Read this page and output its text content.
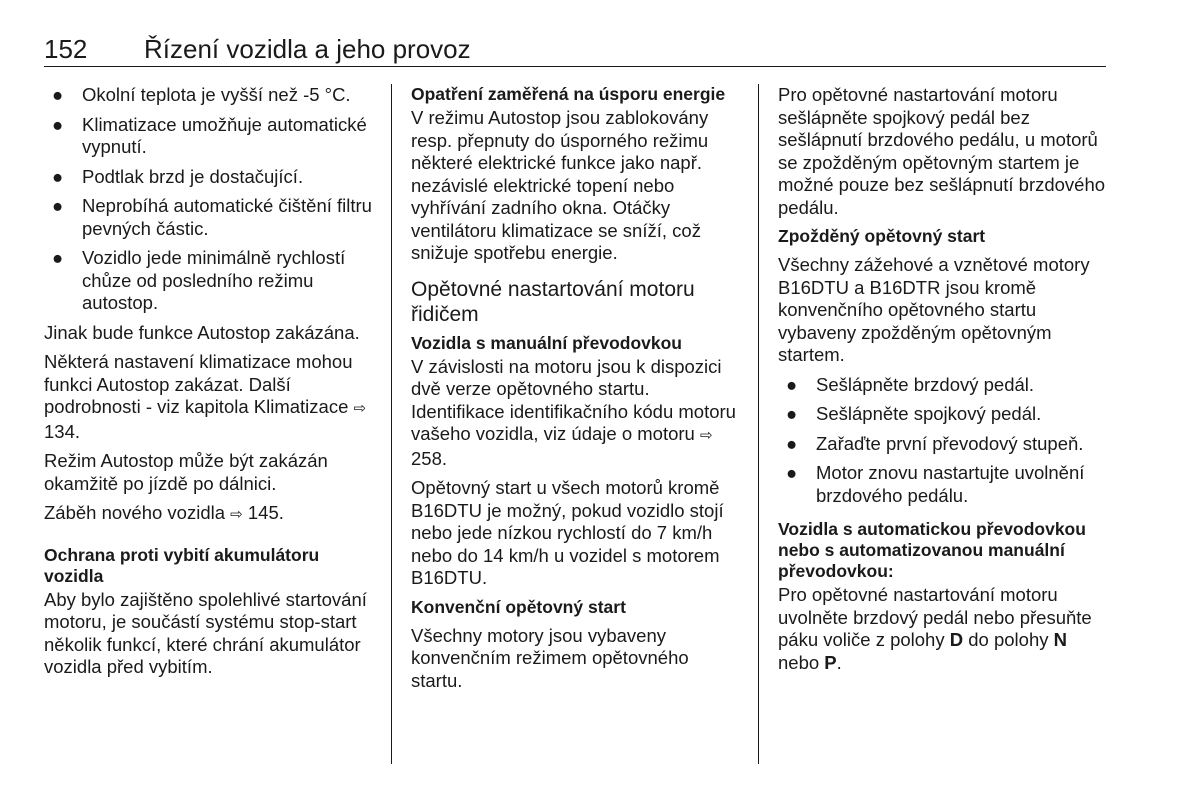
152 Řízení vozidla a jeho provoz
● Okolní teplota je vyšší než -5 °C.
● Klimatizace umožňuje automatické vypnutí.
● Podtlak brzd je dostačující.
● Neprobíhá automatické čištění filtru pevných částic.
● Vozidlo jede minimálně rychlostí chůze od posledního režimu autostop.

Jinak bude funkce Autostop zakázána.

Některá nastavení klimatizace mohou funkci Autostop zakázat. Další podrobnosti - viz kapitola Klimatizace ⇨ 134.

Režim Autostop může být zakázán okamžitě po jízdě po dálnici.

Záběh nového vozidla ⇨ 145.

Ochrana proti vybití akumulátoru vozidla

Aby bylo zajištěno spolehlivé startování motoru, je součástí systému stop-start několik funkcí, které chrání akumulátor vozidla před vybitím.

Opatření zaměřená na úsporu energie

V režimu Autostop jsou zablokovány resp. přepnuty do úsporného režimu některé elektrické funkce jako např. nezávislé elektrické topení nebo vyhřívání zadního okna. Otáčky ventilátoru klimatizace se sníží, což snižuje spotřebu energie.

Opětovné nastartování motoru řidičem
Vozidla s manuální převodovkou

V závislosti na motoru jsou k dispozici dvě verze opětovného startu. Identifikace identifikačního kódu motoru vašeho vozidla, viz údaje o motoru ⇨ 258.

Opětovný start u všech motorů kromě B16DTU je možný, pokud vozidlo stojí nebo jede nízkou rychlostí do 7 km/h nebo do 14 km/h u vozidel s motorem B16DTU.

Konvenční opětovný start

Všechny motory jsou vybaveny konvenčním režimem opětovného startu.

Pro opětovné nastartování motoru sešlápněte spojkový pedál bez sešlápnutí brzdového pedálu, u motorů se zpožděným opětovným startem je možné pouze bez sešlápnutí brzdového pedálu.

Zpožděný opětovný start

Všechny zážehové a vznětové motory B16DTU a B16DTR jsou kromě konvenčního opětovného startu vybaveny zpožděným opětovným startem.

● Sešlápněte brzdový pedál.
● Sešlápněte spojkový pedál.
● Zařaďte první převodový stupeň.
● Motor znovu nastartujte uvolnění brzdového pedálu.
Vozidla s automatickou převodovkou nebo s automatizovanou manuální převodovkou:

Pro opětovné nastartování motoru uvolněte brzdový pedál nebo přesuňte páku voliče z polohy D do polohy N nebo P.
